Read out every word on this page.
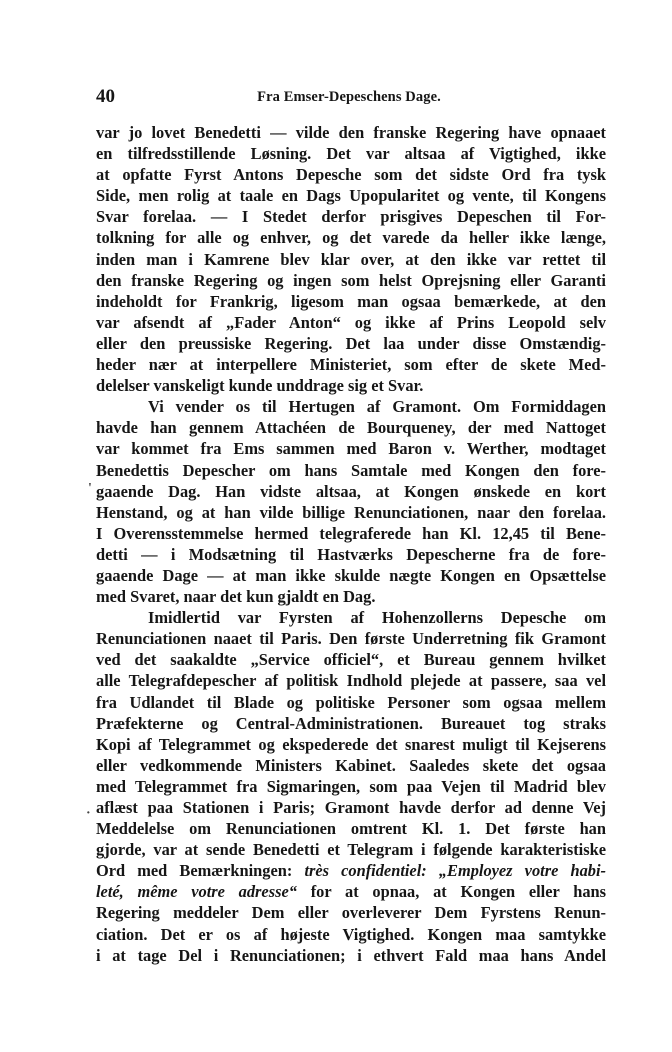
40	Fra Emser-Depeschens Dage.
var jo lovet Benedetti — vilde den franske Regering have opnaaet
en tilfredsstillende Løsning. Det var altsaa af Vigtighed, ikke
at opfatte Fyrst Antons Depesche som det sidste Ord fra tysk
Side, men rolig at taale en Dags Upopularitet og vente, til Kongens
Svar forelaa. — I Stedet derfor prisgives Depeschen til For-
tolkning for alle og enhver, og det varede da heller ikke længe,
inden man i Kamrene blev klar over, at den ikke var rettet til
den franske Regering og ingen som helst Oprejsning eller Garanti
indeholdt for Frankrig, ligesom man ogsaa bemærkede, at den
var afsendt af „Fader Anton“ og ikke af Prins Leopold selv
eller den preussiske Regering. Det laa under disse Omstændig-
heder nær at interpellere Ministeriet, som efter de skete Med-
delelser vanskeligt kunde unddrage sig et Svar.
Vi vender os til Hertugen af Gramont. Om Formiddagen
havde han gennem Attachéen de Bourqueney, der med Nattoget
var kommet fra Ems sammen med Baron v. Werther, modtaget
Benedettis Depescher om hans Samtale med Kongen den fore-
gaaende Dag. Han vidste altsaa, at Kongen ønskede en kort
Henstand, og at han vilde billige Renunciationen, naar den forelaa.
I Overensstemmelse hermed telegraferede han Kl. 12,45 til Bene-
detti — i Modsætning til Hastværks Depescherne fra de fore-
gaaende Dage — at man ikke skulde nægte Kongen en Opsættelse
med Svaret, naar det kun gjaldt en Dag.
Imidlertid var Fyrsten af Hohenzollerns Depesche om
Renunciationen naaet til Paris. Den første Underretning fik Gramont
ved det saakaldte „Service officiel“, et Bureau gennem hvilket
alle Telegrafdepescher af politisk Indhold plejede at passere, saa vel
fra Udlandet til Blade og politiske Personer som ogsaa mellem
Præfekterne og Central-Administrationen. Bureauet tog straks
Kopi af Telegrammet og ekspederede det snarest muligt til Kejserens
eller vedkommende Ministers Kabinet. Saaledes skete det ogsaa
med Telegrammet fra Sigmaringen, som paa Vejen til Madrid blev
aflæst paa Stationen i Paris; Gramont havde derfor ad denne Vej
Meddelelse om Renunciationen omtrent Kl. 1. Det første han
gjorde, var at sende Benedetti et Telegram i følgende karakteristiske
Ord med Bemærkningen: très confidentiel: „Employez votre habi-
leté, même votre adresse“ for at opnaa, at Kongen eller hans
Regering meddeler Dem eller overleverer Dem Fyrstens Renun-
ciation. Det er os af højeste Vigtighed. Kongen maa samtykke
i at tage Del i Renunciationen; i ethvert Fald maa hans Andel
'
·
